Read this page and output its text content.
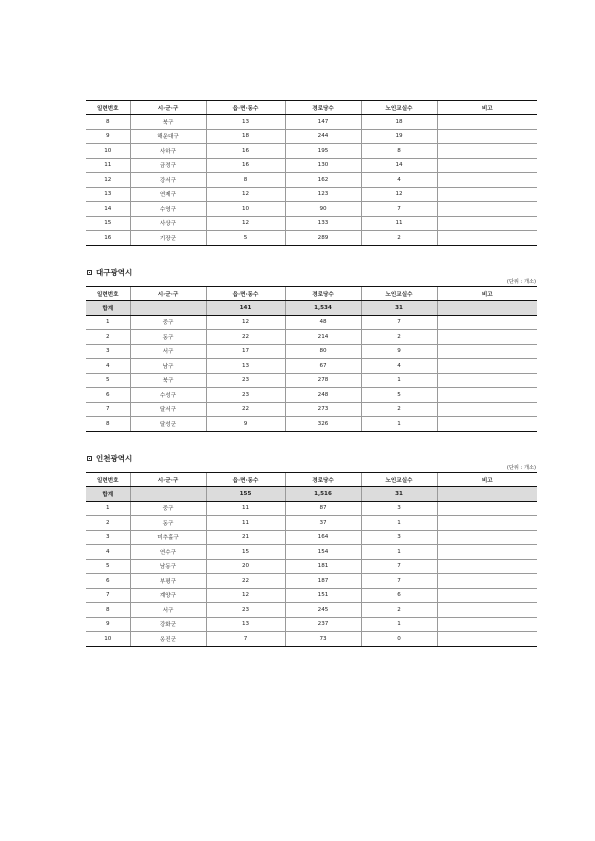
일련번호	시·군·구	읍·면·동수	경로당수	노인교실수	비고
8	북구	13	147	18	
9	해운대구	18	244	19	
10	사하구	16	195	8	
11	금정구	16	130	14	
12	강서구	8	162	4	
13	연제구	12	123	12	
14	수영구	10	90	7	
15	사상구	12	133	11	
16	기장군	5	289	2	
대구광역시
(단위 : 개소)
일련번호	시·군·구	읍·면·동수	경로당수	노인교실수	비고
합계		141	1,534	31	
1	중구	12	48	7	
2	동구	22	214	2	
3	서구	17	80	9	
4	남구	13	67	4	
5	북구	23	278	1	
6	수성구	23	248	5	
7	달서구	22	273	2	
8	달성군	9	326	1	
인천광역시
(단위 : 개소)
일련번호	시·군·구	읍·면·동수	경로당수	노인교실수	비고
합계		155	1,516	31	
1	중구	11	87	3	
2	동구	11	37	1	
3	미추홀구	21	164	3	
4	연수구	15	154	1	
5	남동구	20	181	7	
6	부평구	22	187	7	
7	계양구	12	151	6	
8	서구	23	245	2	
9	강화군	13	237	1	
10	옹진군	7	73	0	
